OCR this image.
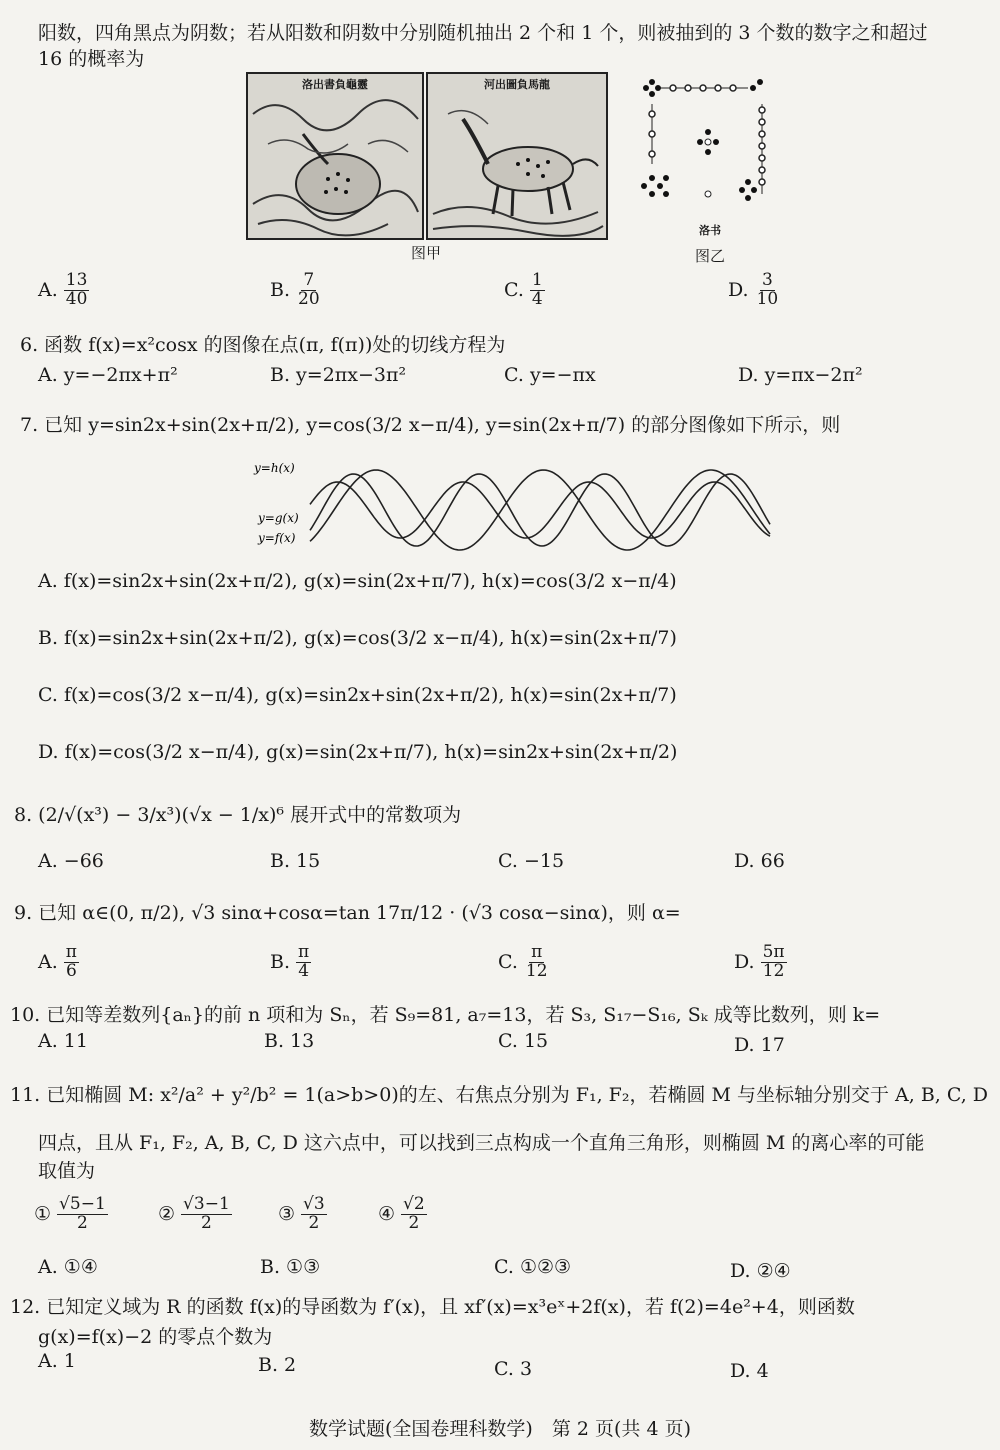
阳数，四角黑点为阴数；若从阳数和阴数中分别随机抽出 2 个和 1 个，则被抽到的 3 个数的数字之和超过
16 的概率为
洛出書負龜靈	河出圖負馬龍
图甲
洛书
图乙
A. $\frac{13}{40}$	B. $\frac{7}{20}$	C. $\frac{1}{4}$	D. $\frac{3}{10}$
6. 函数 f(x)=x²cosx 的图像在点(π, f(π))处的切线方程为
A. y=−2πx+π²	B. y=2πx−3π²	C. y=−πx	D. y=πx−2π²
7. 已知 y=sin2x+sin(2x+π/2), y=cos(3/2 x−π/4), y=sin(2x+π/7) 的部分图像如下所示，则
y=h(x)
y=g(x)
y=f(x)
A. f(x)=sin2x+sin(2x+π/2), g(x)=sin(2x+π/7), h(x)=cos(3/2 x−π/4)
B. f(x)=sin2x+sin(2x+π/2), g(x)=cos(3/2 x−π/4), h(x)=sin(2x+π/7)
C. f(x)=cos(3/2 x−π/4), g(x)=sin2x+sin(2x+π/2), h(x)=sin(2x+π/7)
D. f(x)=cos(3/2 x−π/4), g(x)=sin(2x+π/7), h(x)=sin2x+sin(2x+π/2)
8. (2/√(x³) − 3/x³)(√x − 1/x)⁶ 展开式中的常数项为
A. −66	B. 15	C. −15	D. 66
9. 已知 α∈(0, π/2), √3 sinα+cosα=tan 17π/12 · (√3 cosα−sinα)，则 α=
A. $\frac{\pi}{6}$	B. $\frac{\pi}{4}$	C. $\frac{\pi}{12}$	D. $\frac{5\pi}{12}$
10. 已知等差数列{aₙ}的前 n 项和为 Sₙ，若 S₉=81, a₇=13，若 S₃, S₁₇−S₁₆, Sₖ 成等比数列，则 k=
A. 11	B. 13	C. 15	D. 17
11. 已知椭圆 M: x²/a² + y²/b² = 1(a>b>0)的左、右焦点分别为 F₁, F₂，若椭圆 M 与坐标轴分别交于 A, B, C, D
四点，且从 F₁, F₂, A, B, C, D 这六点中，可以找到三点构成一个直角三角形，则椭圆 M 的离心率的可能
取值为
① $\frac{√5-1}{2}$	② $\frac{√3-1}{2}$ ③ $\frac{√3}{2}$	④ $\frac{√2}{2}$
A. ①④	B. ①③	C. ①②③	D. ②④
12. 已知定义域为 R 的函数 f(x)的导函数为 f′(x)，且 xf′(x)=x³eˣ+2f(x)，若 f(2)=4e²+4，则函数
g(x)=f(x)−2 的零点个数为
A. 1	B. 2	C. 3	D. 4
数学试题(全国卷理科数学)　第 2 页(共 4 页)
